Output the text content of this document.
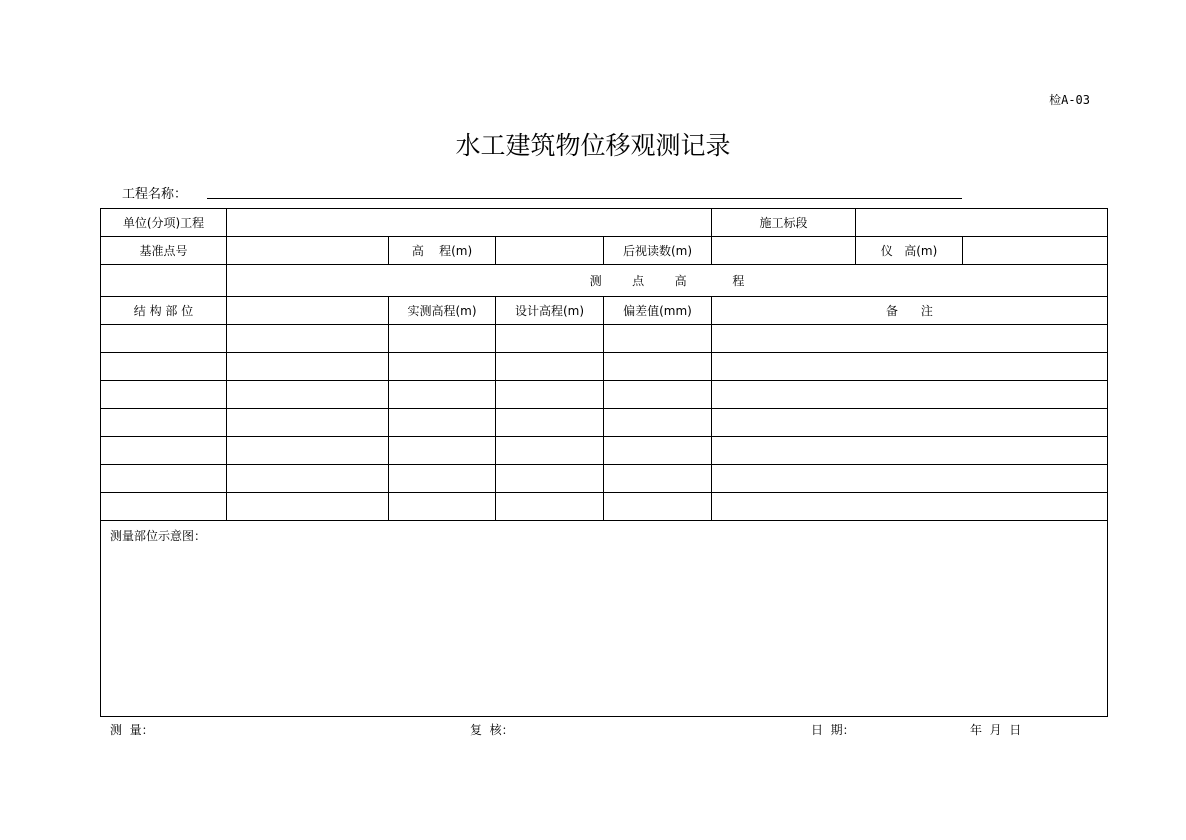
检A-03
水工建筑物位移观测记录
工程名称：
单位(分项)工程					施工标段		
基准点号		高    程(m)		后视读数(m)		仪   高(m)	
	测        点        高            程						
结 构 部 位		实测高程(m)	设计高程(m)	偏差值(mm)	备      注		

测量部位示意图：							
测  量：	复  核：	日  期：	年  月  日
